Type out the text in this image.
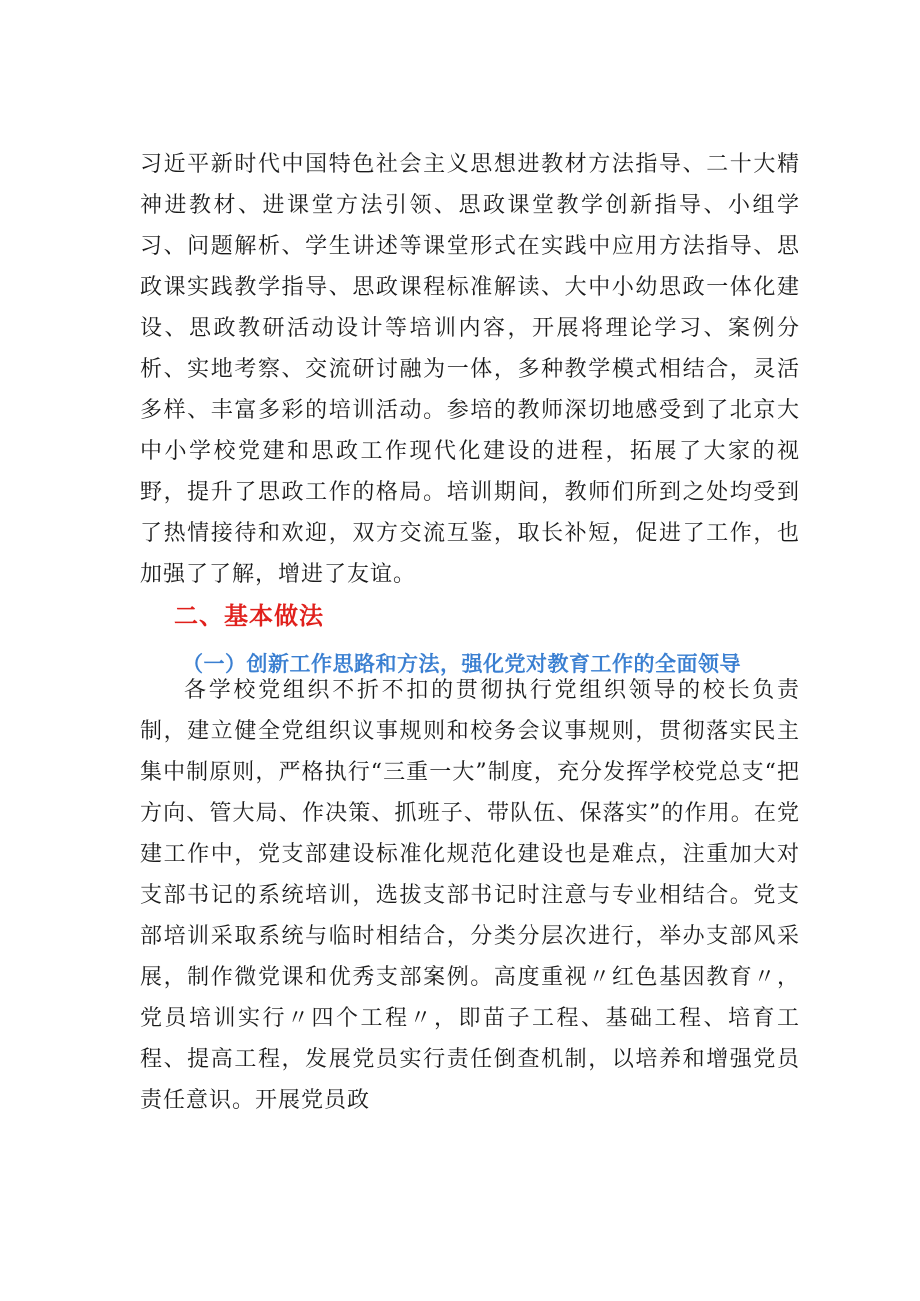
习近平新时代中国特色社会主义思想进教材方法指导、二十大精神进教材、进课堂方法引领、思政课堂教学创新指导、小组学习、问题解析、学生讲述等课堂形式在实践中应用方法指导、思政课实践教学指导、思政课程标准解读、大中小幼思政一体化建设、思政教研活动设计等培训内容，开展将理论学习、案例分析、实地考察、交流研讨融为一体，多种教学模式相结合，灵活多样、丰富多彩的培训活动。参培的教师深切地感受到了北京大中小学校党建和思政工作现代化建设的进程，拓展了大家的视野，提升了思政工作的格局。培训期间，教师们所到之处均受到了热情接待和欢迎，双方交流互鉴，取长补短，促进了工作，也加强了了解，增进了友谊。

二、基本做法
（一）创新工作思路和方法，强化党对教育工作的全面领导

各学校党组织不折不扣的贯彻执行党组织领导的校长负责制，建立健全党组织议事规则和校务会议事规则，贯彻落实民主集中制原则，严格执行“三重一大”制度，充分发挥学校党总支“把方向、管大局、作决策、抓班子、带队伍、保落实”的作用。在党建工作中，党支部建设标准化规范化建设也是难点，注重加大对支部书记的系统培训，选拔支部书记时注意与专业相结合。党支部培训采取系统与临时相结合，分类分层次进行，举办支部风采展，制作微党课和优秀支部案例。高度重视〃红色基因教育〃，党员培训实行〃四个工程〃，即苗子工程、基础工程、培育工程、提高工程，发展党员实行责任倒查机制，以培养和增强党员责任意识。开展党员政
